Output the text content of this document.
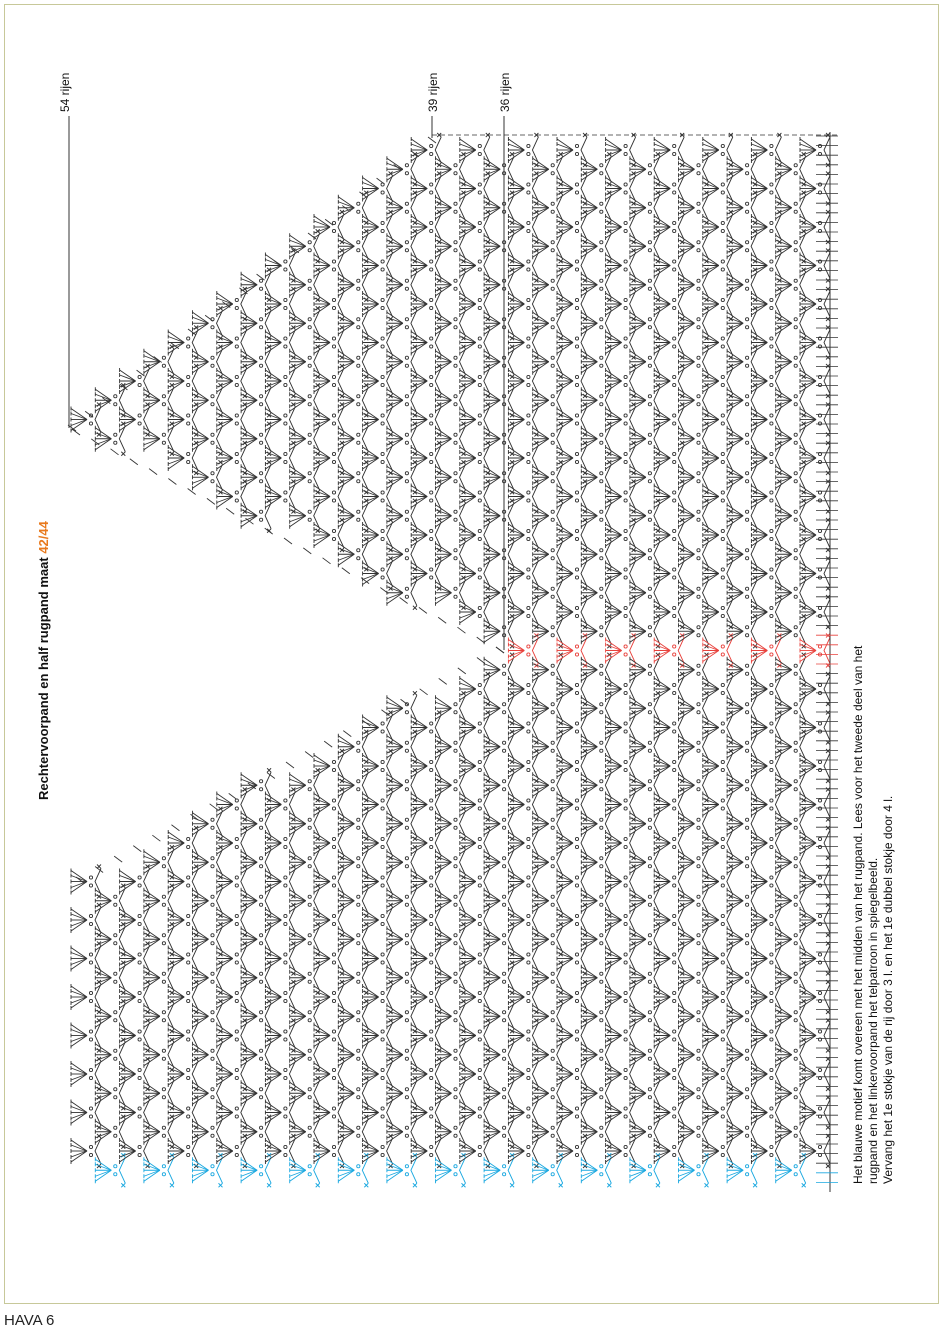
Rechtervoorpand en half rugpand maat 42/44
54 rijen	39 rijen	36 rijen
Het blauwe motief komt overeen met het midden van het rugpand. Lees voor het tweede deel van het rugpand en het linkervoorpand het telpatroon in spiegelbeeld. Vervang het 1e stokje van de rij door 3 l. en het 1e dubbel stokje door 4 l.
HAVA 6
